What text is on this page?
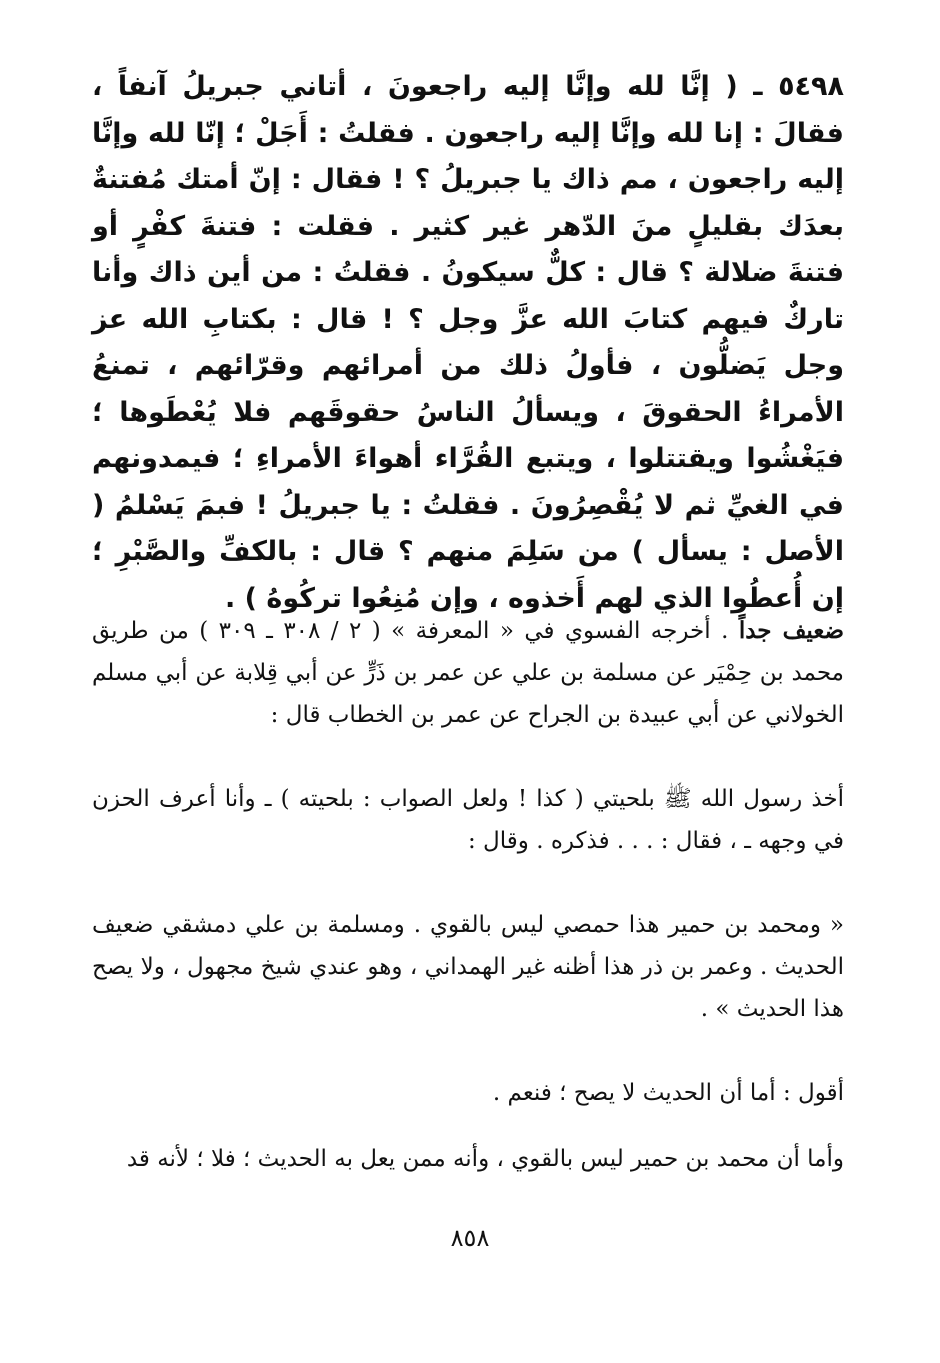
٥٤٩٨ ـ ( إنَّا لله وإنَّا إليه راجعونَ ، أتاني جبريلُ آنفاً ، فقالَ : إنا لله وإنَّا إليه راجعون . فقلتُ : أَجَلْ ؛ إنّا لله وإنَّا إليه راجعون ، مم ذاك يا جبريلُ ؟ ! فقال : إنّ أمتك مُفتنةٌ بعدَك بقليلٍ منَ الدّهر غير كثير . فقلت : فتنةَ كفْرٍ أو فتنةَ ضلالة ؟ قال : كلٌّ سيكونُ . فقلتُ : من أين ذاك وأنا تاركٌ فيهم كتابَ الله عزَّ وجل ؟ ! قال : بكتابِ الله عز وجل يَضلُّون ، فأولُ ذلك من أمرائهم وقرّائهم ، تمنعُ الأمراءُ الحقوقَ ، ويسألُ الناسُ حقوقَهم فلا يُعْطَوها ؛ فيَغْشُوا ويقتتلوا ، ويتبع القُرَّاء أهواءَ الأمراءِ ؛ فيمدونهم في الغيِّ ثم لا يُقْصِرُونَ . فقلتُ : يا جبريلُ ! فبمَ يَسْلمُ ( الأصل : يسأل ) من سَلِمَ منهم ؟ قال : بالكفِّ والصَّبْرِ ؛ إن أُعطُوا الذي لهم أَخذوه ، وإن مُنِعُوا تركُوهُ ) .

ضعيف جداً . أخرجه الفسوي في « المعرفة » ( ٢ / ٣٠٨ ـ ٣٠٩ ) من طريق محمد بن حِمْيَر عن مسلمة بن علي عن عمر بن ذَرٍّ عن أبي قِلابة عن أبي مسلم الخولاني عن أبي عبيدة بن الجراح عن عمر بن الخطاب قال :

أخذ رسول الله ﷺ بلحيتي ( كذا ! ولعل الصواب : بلحيته ) ـ وأنا أعرف الحزن في وجهه ـ ، فقال : . . . فذكره . وقال :

« ومحمد بن حمير هذا حمصي ليس بالقوي . ومسلمة بن علي دمشقي ضعيف الحديث . وعمر بن ذر هذا أظنه غير الهمداني ، وهو عندي شيخ مجهول ، ولا يصح هذا الحديث » .

أقول : أما أن الحديث لا يصح ؛ فنعم .

وأما أن محمد بن حمير ليس بالقوي ، وأنه ممن يعل به الحديث ؛ فلا ؛ لأنه قد

٨٥٨
